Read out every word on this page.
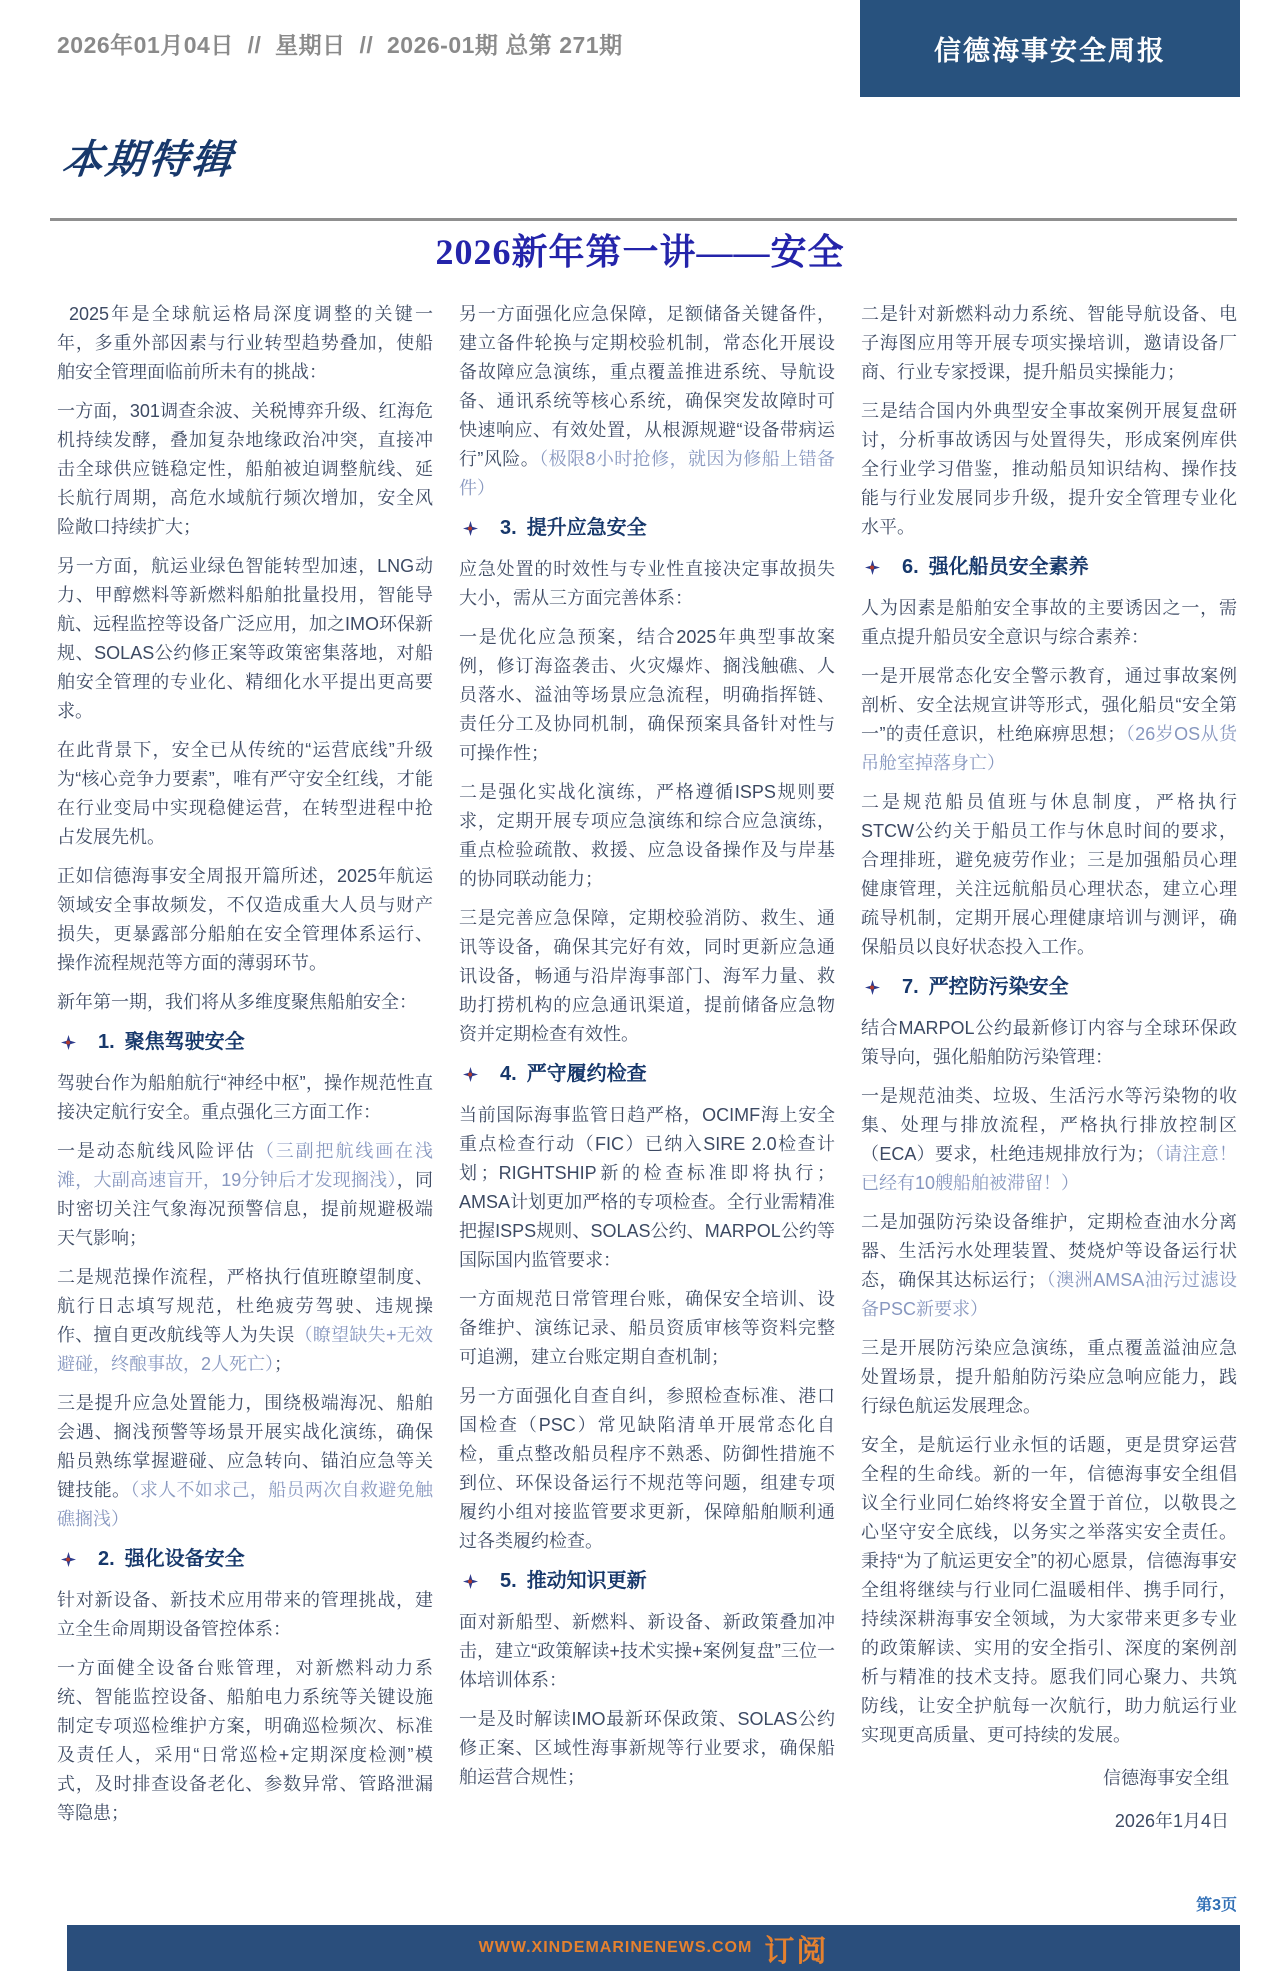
2026年01月04日  //  星期日  //  2026-01期 总第 271期	信德海事安全周报
本期特辑
2026新年第一讲——安全

2025年是全球航运格局深度调整的关键一年，多重外部因素与行业转型趋势叠加，使船舶安全管理面临前所未有的挑战：

一方面，301调查余波、关税博弈升级、红海危机持续发酵，叠加复杂地缘政治冲突，直接冲击全球供应链稳定性，船舶被迫调整航线、延长航行周期，高危水域航行频次增加，安全风险敞口持续扩大；

另一方面，航运业绿色智能转型加速，LNG动力、甲醇燃料等新燃料船舶批量投用，智能导航、远程监控等设备广泛应用，加之IMO环保新规、SOLAS公约修正案等政策密集落地，对船舶安全管理的专业化、精细化水平提出更高要求。

在此背景下，安全已从传统的“运营底线”升级为“核心竞争力要素”，唯有严守安全红线，才能在行业变局中实现稳健运营，在转型进程中抢占发展先机。

正如信德海事安全周报开篇所述，2025年航运领域安全事故频发，不仅造成重大人员与财产损失，更暴露部分船舶在安全管理体系运行、操作流程规范等方面的薄弱环节。

新年第一期，我们将从多维度聚焦船舶安全：

1. 聚焦驾驶安全

驾驶台作为船舶航行“神经中枢”，操作规范性直接决定航行安全。重点强化三方面工作：

一是动态航线风险评估（三副把航线画在浅滩，大副高速盲开，19分钟后才发现搁浅），同时密切关注气象海况预警信息，提前规避极端天气影响；

二是规范操作流程，严格执行值班瞭望制度、航行日志填写规范，杜绝疲劳驾驶、违规操作、擅自更改航线等人为失误（瞭望缺失+无效避碰，终酿事故，2人死亡）；

三是提升应急处置能力，围绕极端海况、船舶会遇、搁浅预警等场景开展实战化演练，确保船员熟练掌握避碰、应急转向、锚泊应急等关键技能。（求人不如求己，船员两次自救避免触礁搁浅）

2. 强化设备安全

针对新设备、新技术应用带来的管理挑战，建立全生命周期设备管控体系：

一方面健全设备台账管理，对新燃料动力系统、智能监控设备、船舶电力系统等关键设施制定专项巡检维护方案，明确巡检频次、标准及责任人，采用“日常巡检+定期深度检测”模式，及时排查设备老化、参数异常、管路泄漏等隐患；

另一方面强化应急保障，足额储备关键备件，建立备件轮换与定期校验机制，常态化开展设备故障应急演练，重点覆盖推进系统、导航设备、通讯系统等核心系统，确保突发故障时可快速响应、有效处置，从根源规避“设备带病运行”风险。（极限8小时抢修，就因为修船上错备件）

3. 提升应急安全

应急处置的时效性与专业性直接决定事故损失大小，需从三方面完善体系：

一是优化应急预案，结合2025年典型事故案例，修订海盗袭击、火灾爆炸、搁浅触礁、人员落水、溢油等场景应急流程，明确指挥链、责任分工及协同机制，确保预案具备针对性与可操作性；

二是强化实战化演练，严格遵循ISPS规则要求，定期开展专项应急演练和综合应急演练，重点检验疏散、救援、应急设备操作及与岸基的协同联动能力；

三是完善应急保障，定期校验消防、救生、通讯等设备，确保其完好有效，同时更新应急通讯设备，畅通与沿岸海事部门、海军力量、救助打捞机构的应急通讯渠道，提前储备应急物资并定期检查有效性。

4. 严守履约检查

当前国际海事监管日趋严格，OCIMF海上安全重点检查行动（FIC）已纳入SIRE 2.0检查计划；RIGHTSHIP新的检查标准即将执行；AMSA计划更加严格的专项检查。全行业需精准把握ISPS规则、SOLAS公约、MARPOL公约等国际国内监管要求：

一方面规范日常管理台账，确保安全培训、设备维护、演练记录、船员资质审核等资料完整可追溯，建立台账定期自查机制；

另一方面强化自查自纠，参照检查标准、港口国检查（PSC）常见缺陷清单开展常态化自检，重点整改船员程序不熟悉、防御性措施不到位、环保设备运行不规范等问题，组建专项履约小组对接监管要求更新，保障船舶顺利通过各类履约检查。

5. 推动知识更新

面对新船型、新燃料、新设备、新政策叠加冲击，建立“政策解读+技术实操+案例复盘”三位一体培训体系：

一是及时解读IMO最新环保政策、SOLAS公约修正案、区域性海事新规等行业要求，确保船舶运营合规性；

二是针对新燃料动力系统、智能导航设备、电子海图应用等开展专项实操培训，邀请设备厂商、行业专家授课，提升船员实操能力；

三是结合国内外典型安全事故案例开展复盘研讨，分析事故诱因与处置得失，形成案例库供全行业学习借鉴，推动船员知识结构、操作技能与行业发展同步升级，提升安全管理专业化水平。

6. 强化船员安全素养

人为因素是船舶安全事故的主要诱因之一，需重点提升船员安全意识与综合素养：

一是开展常态化安全警示教育，通过事故案例剖析、安全法规宣讲等形式，强化船员“安全第一”的责任意识，杜绝麻痹思想；（26岁OS从货吊舱室掉落身亡）

二是规范船员值班与休息制度，严格执行STCW公约关于船员工作与休息时间的要求，合理排班，避免疲劳作业；三是加强船员心理健康管理，关注远航船员心理状态，建立心理疏导机制，定期开展心理健康培训与测评，确保船员以良好状态投入工作。

7. 严控防污染安全

结合MARPOL公约最新修订内容与全球环保政策导向，强化船舶防污染管理：

一是规范油类、垃圾、生活污水等污染物的收集、处理与排放流程，严格执行排放控制区（ECA）要求，杜绝违规排放行为；（请注意！已经有10艘船舶被滞留！）

二是加强防污染设备维护，定期检查油水分离器、生活污水处理装置、焚烧炉等设备运行状态，确保其达标运行；（澳洲AMSA油污过滤设备PSC新要求）

三是开展防污染应急演练，重点覆盖溢油应急处置场景，提升船舶防污染应急响应能力，践行绿色航运发展理念。

安全，是航运行业永恒的话题，更是贯穿运营全程的生命线。新的一年，信德海事安全组倡议全行业同仁始终将安全置于首位，以敬畏之心坚守安全底线，以务实之举落实安全责任。秉持“为了航运更安全”的初心愿景，信德海事安全组将继续与行业同仁温暖相伴、携手同行，持续深耕海事安全领域，为大家带来更多专业的政策解读、实用的安全指引、深度的案例剖析与精准的技术支持。愿我们同心聚力、共筑防线，让安全护航每一次航行，助力航运行业实现更高质量、更可持续的发展。

信德海事安全组

2026年1月4日

第3页
WWW.XINDEMARINENEWS.COM 订阅
